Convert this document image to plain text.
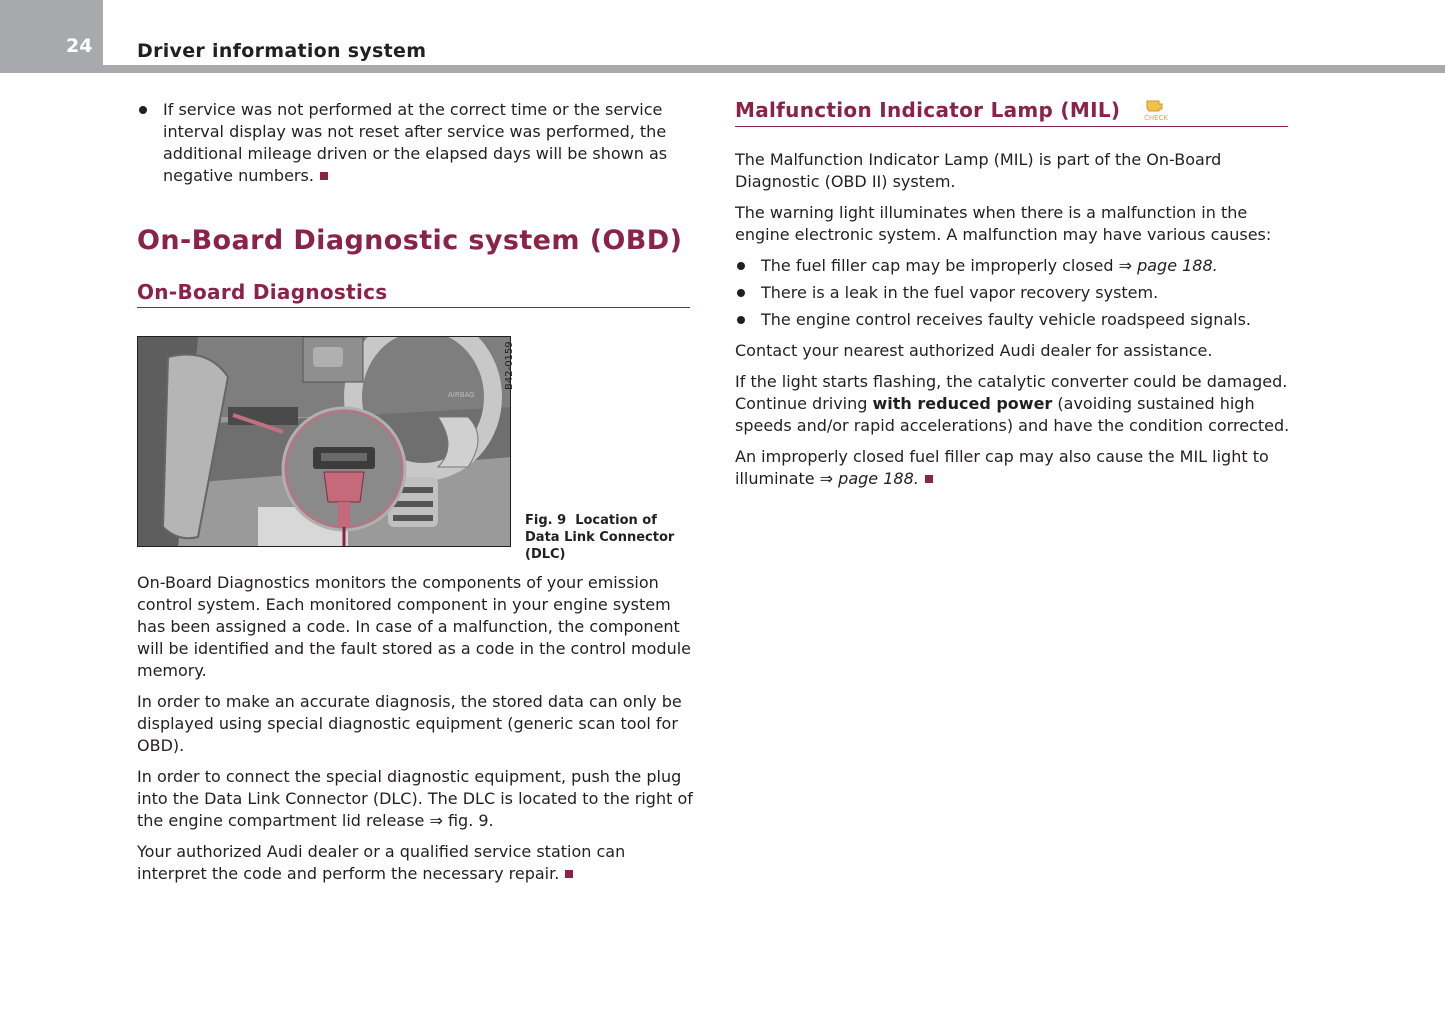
24 Driver information system

If service was not performed at the correct time or the service interval display was not reset after service was performed, the additional mileage driven or the elapsed days will be shown as negative numbers.

On-Board Diagnostic system (OBD)
On-Board Diagnostics
AIRBAG
B42-0159
Fig. 9 Location of Data Link Connector (DLC)

On-Board Diagnostics monitors the components of your emission control system. Each monitored component in your engine system has been assigned a code. In case of a malfunction, the component will be identified and the fault stored as a code in the control module memory.

In order to make an accurate diagnosis, the stored data can only be displayed using special diagnostic equipment (generic scan tool for OBD).

In order to connect the special diagnostic equipment, push the plug into the Data Link Connector (DLC). The DLC is located to the right of the engine compartment lid release ⇒ fig. 9.

Your authorized Audi dealer or a qualified service station can interpret the code and perform the necessary repair.

Malfunction Indicator Lamp (MIL)	CHECK

The Malfunction Indicator Lamp (MIL) is part of the On-Board Diagnostic (OBD II) system.

The warning light illuminates when there is a malfunction in the engine electronic system. A malfunction may have various causes:

The fuel filler cap may be improperly closed ⇒ page 188.

There is a leak in the fuel vapor recovery system.

The engine control receives faulty vehicle roadspeed signals.

Contact your nearest authorized Audi dealer for assistance.

If the light starts flashing, the catalytic converter could be damaged. Continue driving with reduced power (avoiding sustained high speeds and/or rapid accelerations) and have the condition corrected.

An improperly closed fuel filler cap may also cause the MIL light to illuminate ⇒ page 188.
